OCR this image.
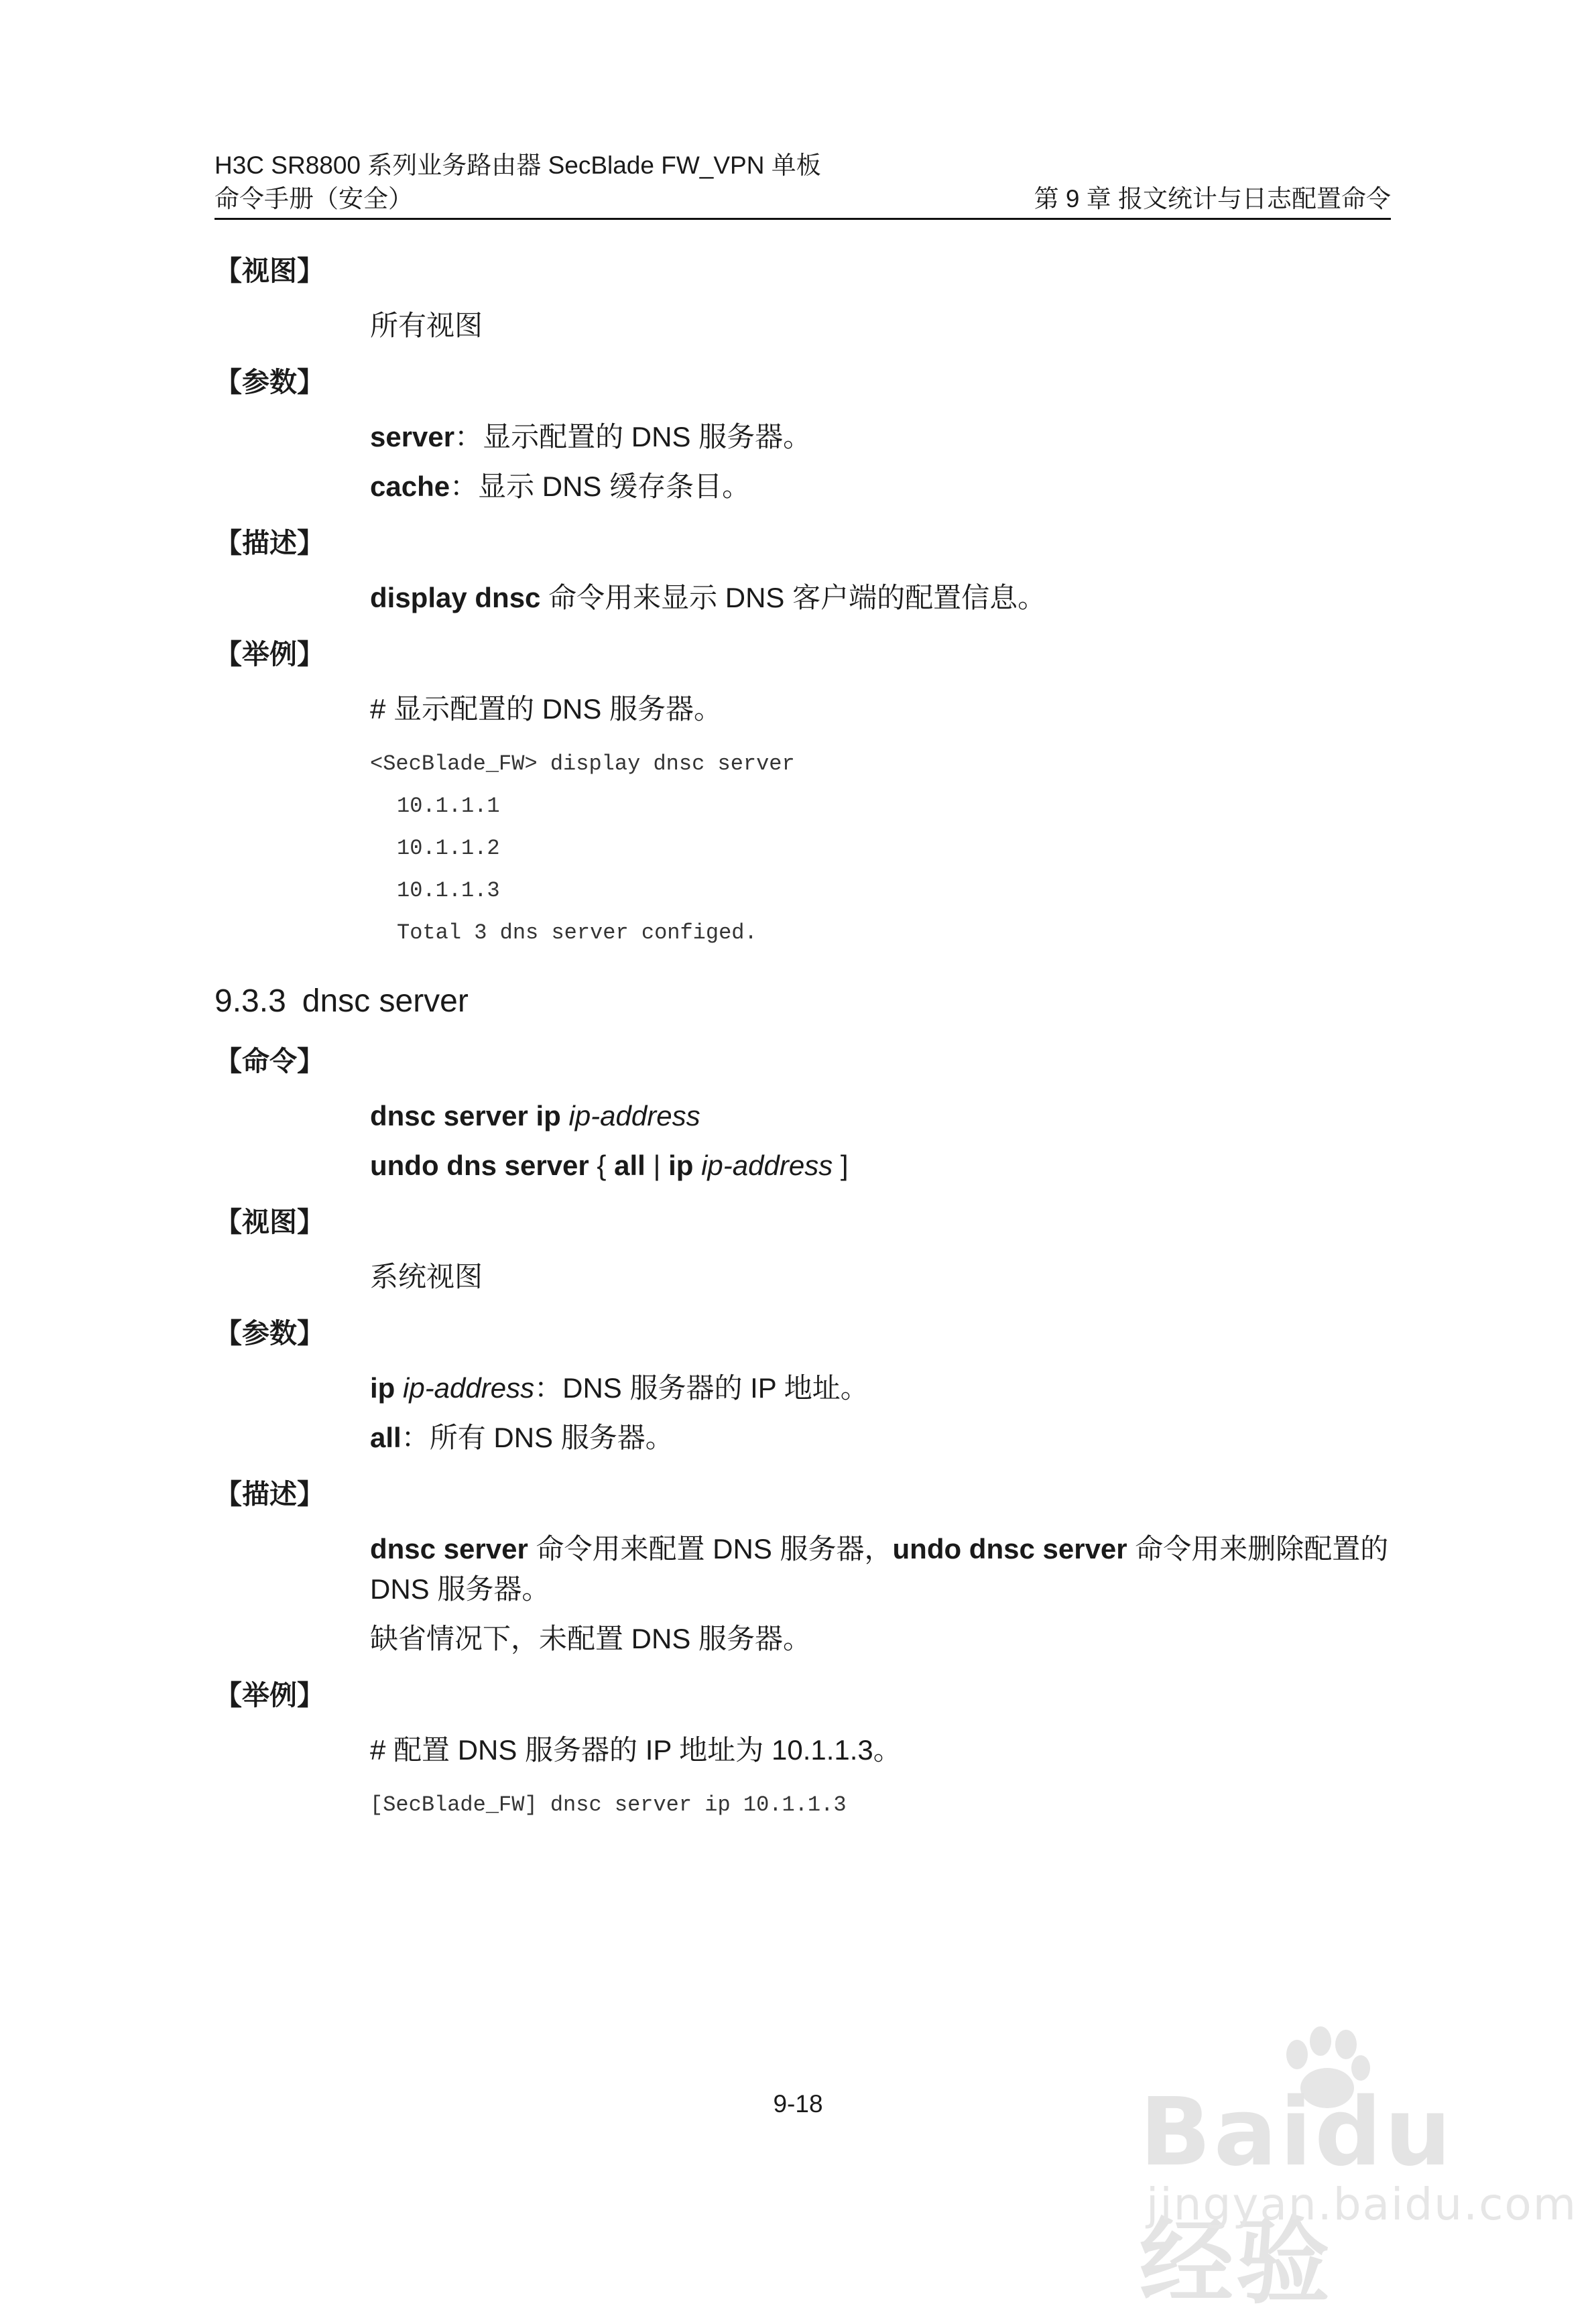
H3C SR8800 系列业务路由器 SecBlade FW_VPN 单板
命令手册（安全）	第 9 章 报文统计与日志配置命令
【视图】
所有视图
【参数】
server：显示配置的 DNS 服务器。
cache：显示 DNS 缓存条目。
【描述】
display dnsc 命令用来显示 DNS 客户端的配置信息。
【举例】
# 显示配置的 DNS 服务器。
<SecBlade_FW> display dnsc server

10.1.1.1
10.1.1.2
10.1.1.3
Total 3 dns server configed.
9.3.3 dnsc server
【命令】
dnsc server ip ip-address
undo dns server { all | ip ip-address ]
【视图】
系统视图
【参数】
ip ip-address：DNS 服务器的 IP 地址。
all：所有 DNS 服务器。
【描述】
dnsc server 命令用来配置 DNS 服务器，undo dnsc server 命令用来删除配置的 DNS 服务器。
缺省情况下，未配置 DNS 服务器。
【举例】
# 配置 DNS 服务器的 IP 地址为 10.1.1.3。
[SecBlade_FW] dnsc server ip 10.1.1.3
9-18	Baidu经验
jingyan.baidu.com
